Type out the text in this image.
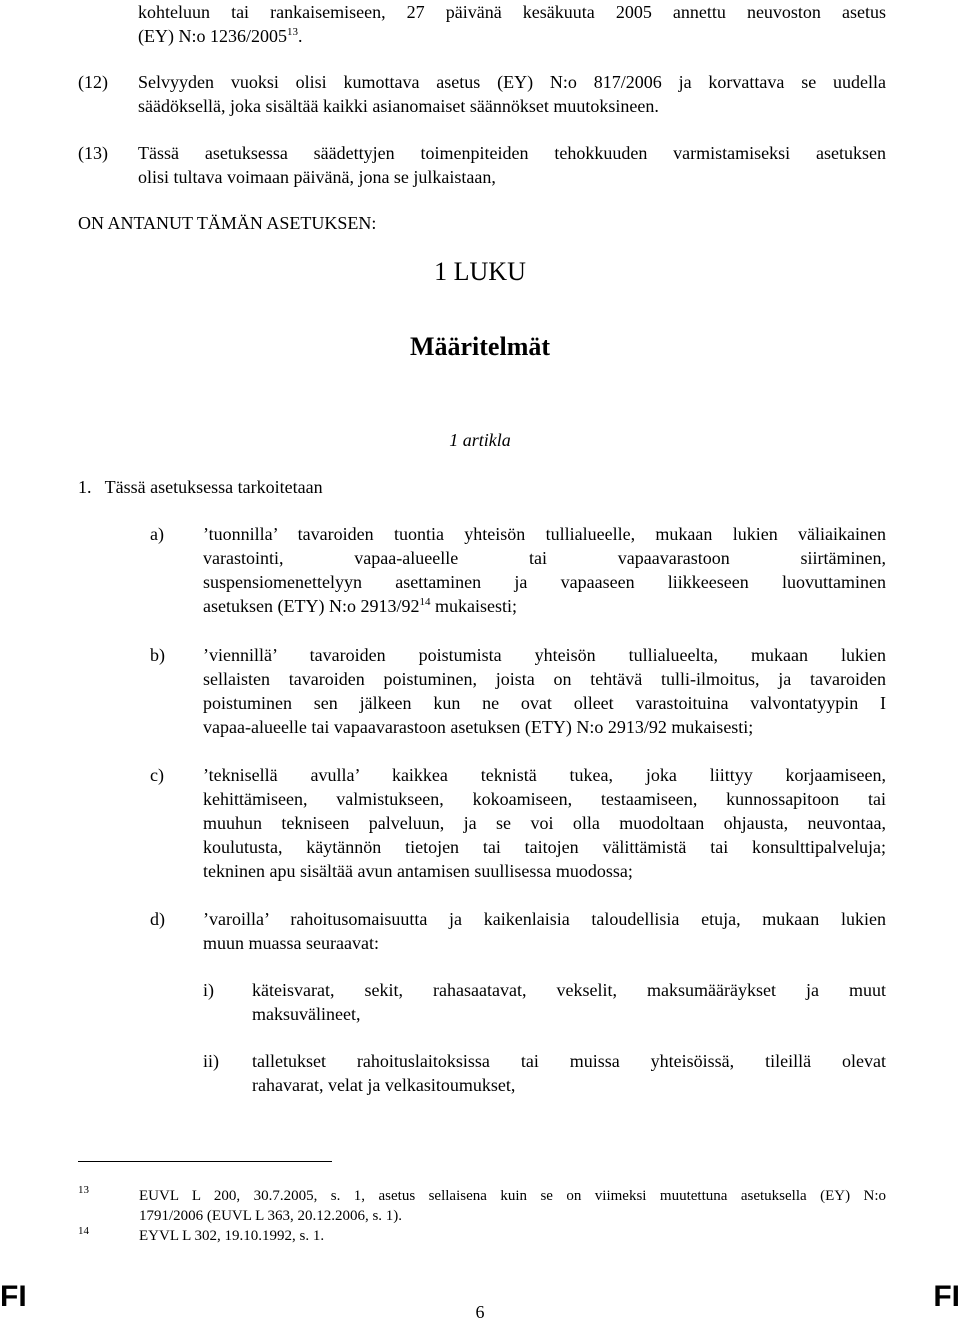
kohteluun tai rankaisemiseen, 27 päivänä kesäkuuta 2005 annettu neuvoston asetus
(EY) N:o 1236/2005$^{13}$.
(12) Selvyyden vuoksi olisi kumottava asetus (EY) N:o 817/2006 ja korvattava se uudella
säädöksellä, joka sisältää kaikki asianomaiset säännökset muutoksineen.
(13) Tässä asetuksessa säädettyjen toimenpiteiden tehokkuuden varmistamiseksi asetuksen
olisi tultava voimaan päivänä, jona se julkaistaan,
ON ANTANUT TÄMÄN ASETUKSEN:
1 LUKU
Määritelmät
1 artikla
1.   Tässä asetuksessa tarkoitetaan
a) ’tuonnilla’ tavaroiden tuontia yhteisön tullialueelle, mukaan lukien väliaikainen
varastointi, vapaa-alueelle tai vapaavarastoon siirtäminen,
suspensiomenettelyyn asettaminen ja vapaaseen liikkeeseen luovuttaminen
asetuksen (ETY) N:o $2913/92^{14}$ mukaisesti;
b) ’viennillä’ tavaroiden poistumista yhteisön tullialueelta, mukaan lukien
sellaisten tavaroiden poistuminen, joista on tehtävä tulli-ilmoitus, ja tavaroiden
poistuminen sen jälkeen kun ne ovat olleet varastoituina valvontatyypin I
vapaa-alueelle tai vapaavarastoon asetuksen (ETY) N:o 2913/92 mukaisesti;
c) ’teknisellä avulla’ kaikkea teknistä tukea, joka liittyy korjaamiseen,
kehittämiseen, valmistukseen, kokoamiseen, testaamiseen, kunnossapitoon tai
muuhun tekniseen palveluun, ja se voi olla muodoltaan ohjausta, neuvontaa,
koulutusta, käytännön tietojen tai taitojen välittämistä tai konsulttipalveluja;
tekninen apu sisältää avun antamisen suullisessa muodossa;
d) ’varoilla’ rahoitusomaisuutta ja kaikenlaisia taloudellisia etuja, mukaan lukien
muun muassa seuraavat:
i) käteisvarat, sekit, rahasaatavat, vekselit, maksumääräykset ja muut
maksuvälineet,
ii) talletukset rahoituslaitoksissa tai muissa yhteisöissä, tileillä olevat
rahavarat, velat ja velkasitoumukset,
13	EUVL L 200, 30.7.2005, s. 1, asetus sellaisena kuin se on viimeksi muutettuna asetuksella (EY) N:o
1791/2006 (EUVL L 363, 20.12.2006, s. 1).
14	EYVL L 302, 19.10.1992, s. 1.
FI	6	FI
